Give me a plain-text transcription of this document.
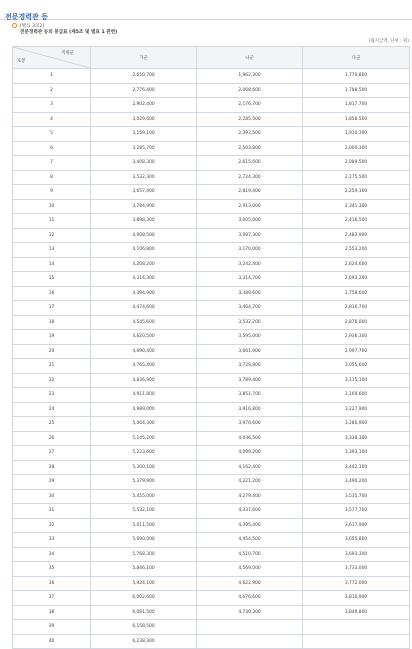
전문경력관 등
[별표 3의2]
전문경력관 등의 봉급표 (제5조 및 별표 1 관련)
(월지급액, 단위 : 원)
직위군
호봉	가군	나군	다군
1	2,650,700	1,962,300	1,770,800
2	2,776,400	2,068,600	1,788,500
3	2,902,400	2,176,700	1,817,700
4	3,029,600	2,285,500	1,858,500
5	3,159,100	2,393,500	1,910,300
6	3,285,700	2,503,800	2,000,300
7	3,408,300	2,615,600	2,089,500
8	3,532,300	2,724,300	2,175,500
9	3,657,400	2,819,400	2,259,100
10	3,784,900	2,913,000	2,341,300
11	3,898,300	3,005,000	2,416,500
12	4,008,500	3,087,300	2,482,900
13	4,106,800	3,170,000	2,553,200
14	4,208,200	3,242,400	2,624,600
15	4,314,300	3,314,700	2,693,200
16	4,394,900	3,389,600	2,758,600
17	4,474,600	3,464,700	2,816,700
18	4,545,600	3,532,200	2,876,000
19	4,620,500	3,595,000	2,936,300
20	4,690,400	3,661,900	2,997,700
21	4,765,400	3,729,800	3,055,600
22	4,836,900	3,789,400	3,115,100
23	4,911,800	3,851,700	3,169,600
24	4,989,000	3,916,800	3,227,900
25	5,064,300	3,976,600	3,280,900
26	5,145,200	4,036,500	3,338,300
27	5,223,600	4,099,200	3,393,100
28	5,300,100	4,162,400	3,442,100
29	5,379,900	4,221,200	3,490,200
30	5,455,000	4,279,400	3,535,700
31	5,532,100	4,337,600	3,577,700
32	5,611,500	4,395,400	3,617,900
33	5,690,000	4,454,500	3,655,800
34	5,768,300	4,510,700	3,693,300
35	5,846,100	4,569,000	3,733,000
36	5,924,100	4,622,900	3,772,000
37	6,002,600	4,676,600	3,810,900
38	6,081,500	4,730,300	3,849,800
39	6,158,500		
40	6,238,300		
